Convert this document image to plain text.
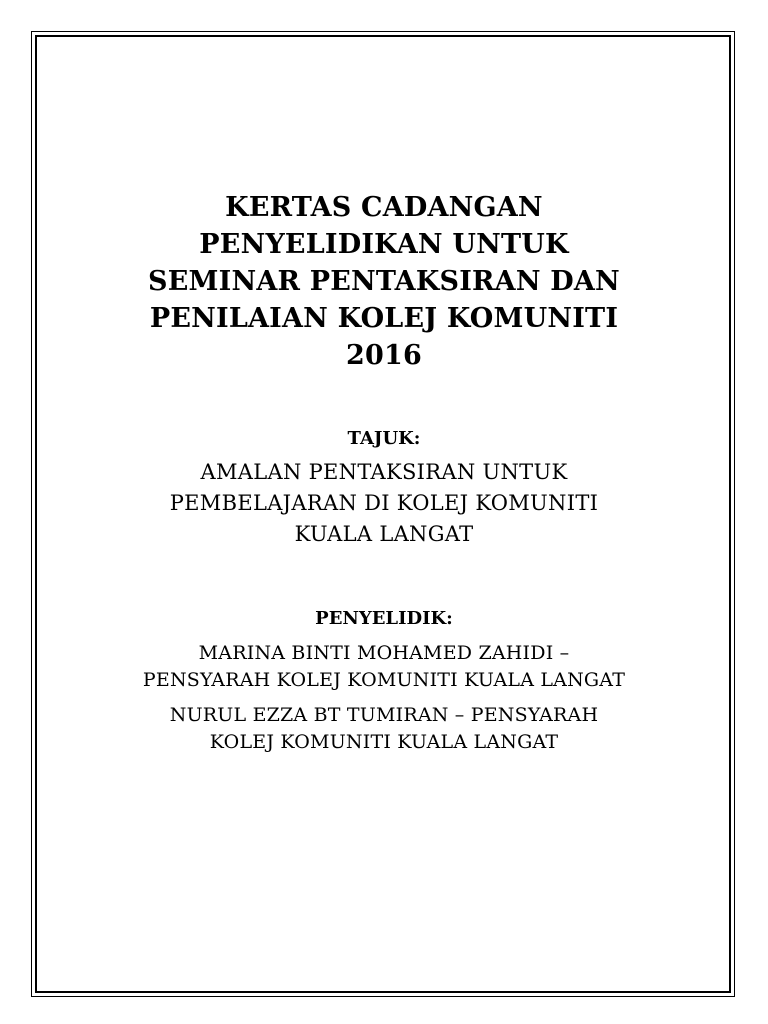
KERTAS CADANGAN
PENYELIDIKAN UNTUK
SEMINAR PENTAKSIRAN DAN
PENILAIAN KOLEJ KOMUNITI
2016
TAJUK:
AMALAN PENTAKSIRAN UNTUK
PEMBELAJARAN DI KOLEJ KOMUNITI
KUALA LANGAT
PENYELIDIK:
MARINA BINTI MOHAMED ZAHIDI –
PENSYARAH KOLEJ KOMUNITI KUALA LANGAT
NURUL EZZA BT TUMIRAN – PENSYARAH
KOLEJ KOMUNITI KUALA LANGAT
